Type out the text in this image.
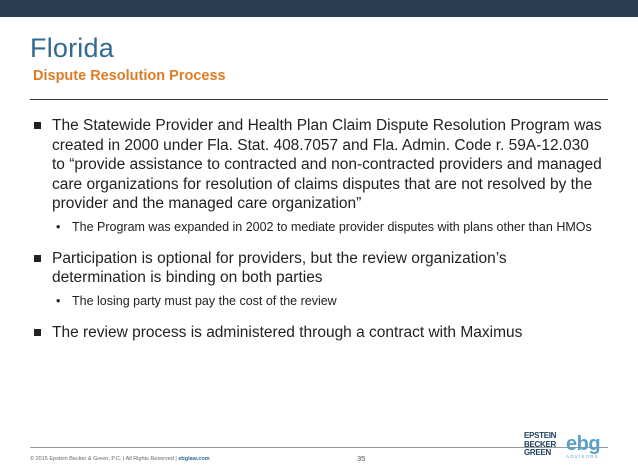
Florida
Dispute Resolution Process
The Statewide Provider and Health Plan Claim Dispute Resolution Program was created in 2000 under Fla. Stat. 408.7057 and Fla. Admin. Code r. 59A-12.030 to “provide assistance to contracted and non-contracted providers and managed care organizations for resolution of claims disputes that are not resolved by the provider and the managed care organization”
• The Program was expanded in 2002 to mediate provider disputes with plans other than HMOs
Participation is optional for providers, but the review organization’s determination is binding on both parties
• The losing party must pay the cost of the review
The review process is administered through a contract with Maximus
© 2015 Epstein Becker & Green, P.C. | All Rights Reserved | ebglaw.com	35
EPSTEIN
BECKER
GREEN ebg
ADVISORS
